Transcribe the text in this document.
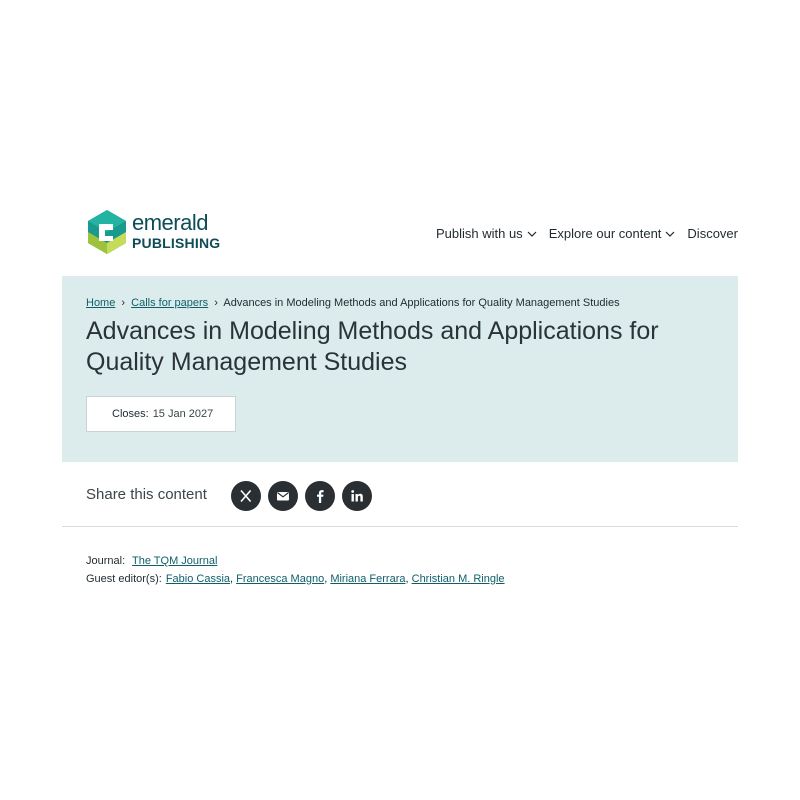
emerald
PUBLISHING
Publish with us Explore our content Discover
Home › Calls for papers › Advances in Modeling Methods and Applications for Quality Management Studies
Advances in Modeling Methods and Applications for Quality Management Studies
Closes: 15 Jan 2027
Share this content
Journal: The TQM Journal
Guest editor(s): Fabio Cassia, Francesca Magno, Miriana Ferrara, Christian M. Ringle
